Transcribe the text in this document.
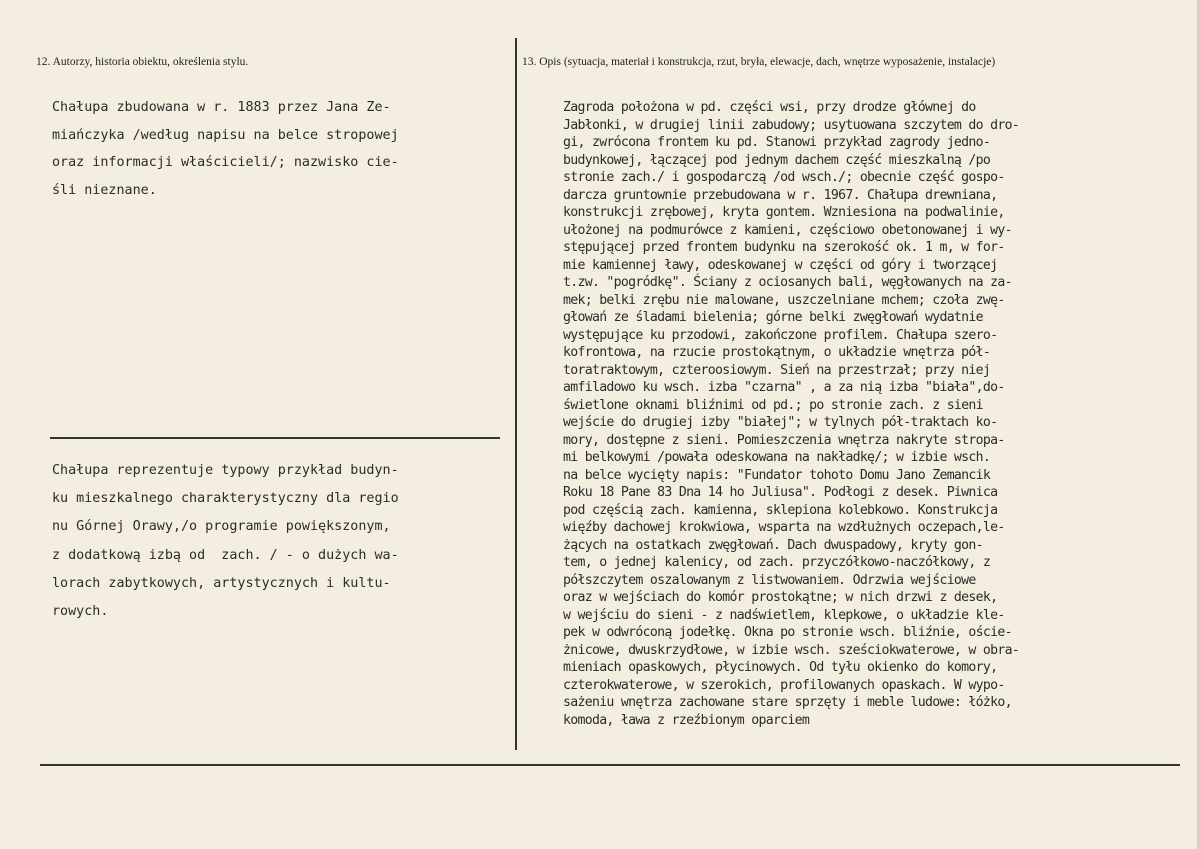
12. Autorzy, historia obiektu, określenia stylu.	13. Opis (sytuacja, materiał i konstrukcja, rzut, bryła, elewacje, dach, wnętrze wyposażenie, instalacje)
Chałupa zbudowana w r. 1883 przez Jana Ze-
miańczyka /według napisu na belce stropowej
oraz informacji właścicieli/; nazwisko cie-
śli nieznane.
Chałupa reprezentuje typowy przykład budyn-
ku mieszkalnego charakterystyczny dla regio
nu Górnej Orawy,/o programie powiększonym,
z dodatkową izbą od  zach. / - o dużych wa-
lorach zabytkowych, artystycznych i kultu-
rowych.
Zagroda położona w pd. części wsi, przy drodze głównej do
Jabłonki, w drugiej linii zabudowy; usytuowana szczytem do dro-
gi, zwrócona frontem ku pd. Stanowi przykład zagrody jedno-
budynkowej, łączącej pod jednym dachem część mieszkalną /po
stronie zach./ i gospodarczą /od wsch./; obecnie część gospo-
darcza gruntownie przebudowana w r. 1967. Chałupa drewniana,
konstrukcji zrębowej, kryta gontem. Wzniesiona na podwalinie,
ułożonej na podmurówce z kamieni, częściowo obetonowanej i wy-
stępującej przed frontem budynku na szerokość ok. 1 m, w for-
mie kamiennej ławy, odeskowanej w części od góry i tworzącej
t.zw. "pogródkę". Ściany z ociosanych bali, węgłowanych na za-
mek; belki zrębu nie malowane, uszczelniane mchem; czoła zwę-
głowań ze śladami bielenia; górne belki zwęgłowań wydatnie
występujące ku przodowi, zakończone profilem. Chałupa szero-
kofrontowa, na rzucie prostokątnym, o układzie wnętrza pół-
toratraktowym, czteroosiowym. Sień na przestrzał; przy niej
amfiladowo ku wsch. izba "czarna" , a za nią izba "biała",do-
świetlone oknami bliźnimi od pd.; po stronie zach. z sieni
wejście do drugiej izby "białej"; w tylnych pół-traktach ko-
mory, dostępne z sieni. Pomieszczenia wnętrza nakryte stropa-
mi belkowymi /powała odeskowana na nakładkę/; w izbie wsch.
na belce wycięty napis: "Fundator tohoto Domu Jano Zemancik
Roku 18 Pane 83 Dna 14 ho Juliusa". Podłogi z desek. Piwnica
pod częścią zach. kamienna, sklepiona kolebkowo. Konstrukcja
więźby dachowej krokwiowa, wsparta na wzdłużnych oczepach,le-
żących na ostatkach zwęgłowań. Dach dwuspadowy, kryty gon-
tem, o jednej kalenicy, od zach. przyczółkowo-naczółkowy, z
półszczytem oszalowanym z listwowaniem. Odrzwia wejściowe
oraz w wejściach do komór prostokątne; w nich drzwi z desek,
w wejściu do sieni - z nadświetlem, klepkowe, o układzie kle-
pek w odwróconą jodełkę. Okna po stronie wsch. bliźnie, oście-
żnicowe, dwuskrzydłowe, w izbie wsch. sześciokwaterowe, w obra-
mieniach opaskowych, płycinowych. Od tyłu okienko do komory,
czterokwaterowe, w szerokich, profilowanych opaskach. W wypo-
sażeniu wnętrza zachowane stare sprzęty i meble ludowe: łóżko,
komoda, ława z rzeźbionym oparciem
